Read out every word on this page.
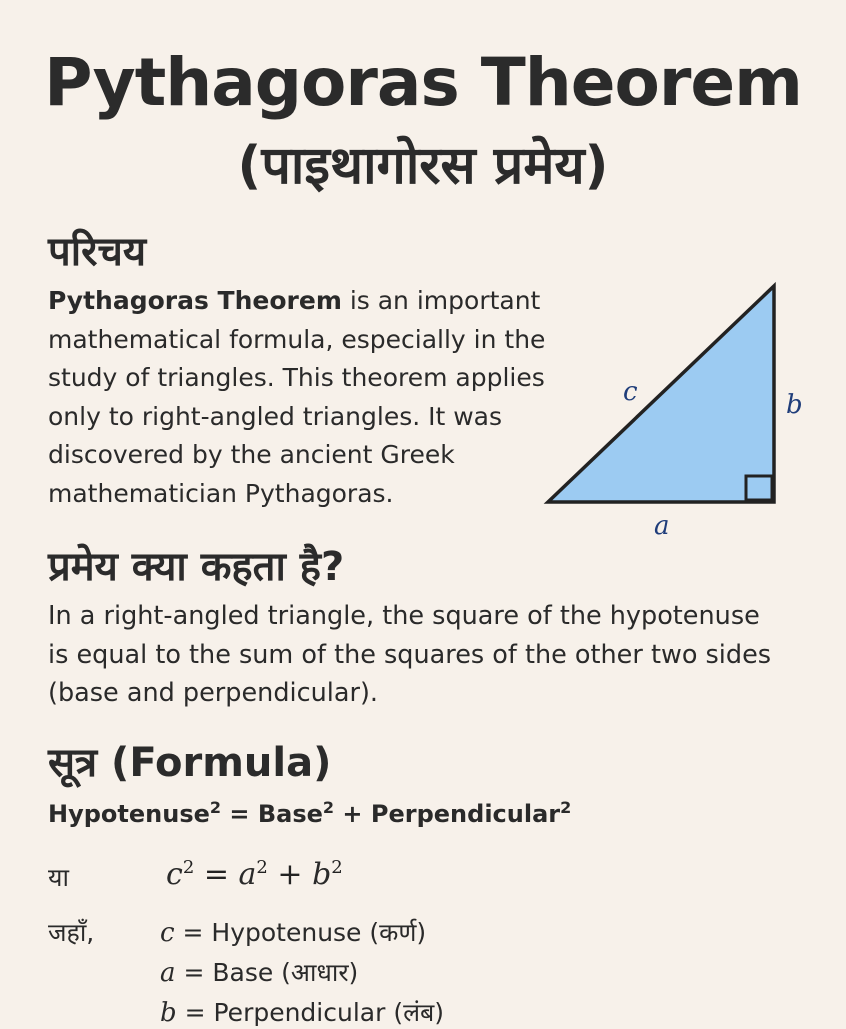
Pythagoras Theorem
(पाइथागोरस प्रमेय)
परिचय
Pythagoras Theorem is an important mathematical formula, especially in the study of triangles. This theorem applies only to right-angled triangles. It was discovered by the ancient Greek mathematician Pythagoras.
c	b
a
प्रमेय क्या कहता है?
In a right-angled triangle, the square of the hypotenuse is equal to the sum of the squares of the other two sides (base and perpendicular).
सूत्र (Formula)
Hypotenuse$^2$ = Base$^2$ + Perpendicular$^2$
या	$c^2 = a^2 + b^2$
जहाँ,	c = Hypotenuse (कर्ण)
a = Base (आधार)
b = Perpendicular (लंब)
